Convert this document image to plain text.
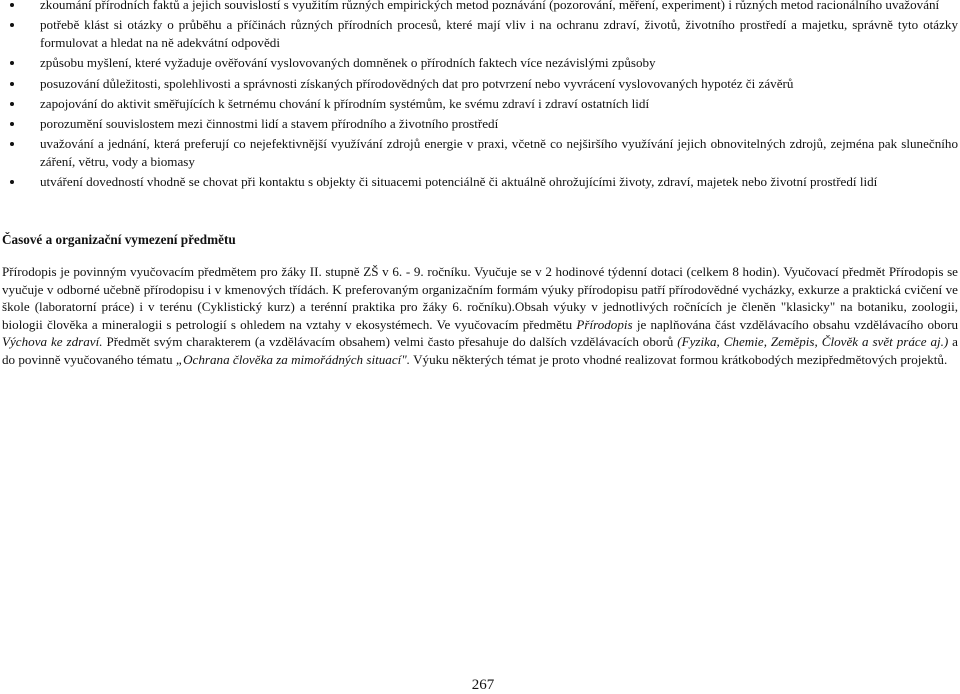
zkoumání přírodních faktů a jejich souvislostí s využitím různých empirických metod poznávání (pozorování, měření, experiment) i různých metod racionálního uvažování
potřebě klást si otázky o průběhu a příčinách různých přírodních procesů, které mají vliv i na ochranu zdraví, životů, životního prostředí a majetku, správně tyto otázky formulovat a hledat na ně adekvátní odpovědi
způsobu myšlení, které vyžaduje ověřování vyslovovaných domněnek o přírodních faktech více nezávislými způsoby
posuzování důležitosti, spolehlivosti a správnosti získaných přírodovědných dat pro potvrzení nebo vyvrácení vyslovovaných hypotéz či závěrů
zapojování do aktivit směřujících k šetrnému chování k přírodním systémům, ke svému zdraví i zdraví ostatních lidí
porozumění souvislostem mezi činnostmi lidí a stavem přírodního a životního prostředí
uvažování a jednání, která preferují co nejefektivnější využívání zdrojů energie v praxi, včetně co nejširšího využívání jejich obnovitelných zdrojů, zejména pak slunečního záření, větru, vody a biomasy
utváření dovedností vhodně se chovat při kontaktu s objekty či situacemi potenciálně či aktuálně ohrožujícími životy, zdraví, majetek nebo životní prostředí lidí
Časové a organizační vymezení předmětu

Přírodopis je povinným vyučovacím předmětem pro žáky II. stupně ZŠ v 6. - 9. ročníku. Vyučuje se v 2 hodinové týdenní dotaci (celkem 8 hodin). Vyučovací předmět Přírodopis se vyučuje v odborné učebně přírodopisu i v kmenových třídách. K preferovaným organizačním formám výuky přírodopisu patří přírodovědné vycházky, exkurze a praktická cvičení ve škole (laboratorní práce) i v terénu (Cyklistický kurz) a terénní praktika pro žáky 6. ročníku).Obsah výuky v jednotlivých ročnících je členěn "klasicky" na botaniku, zoologii, biologii člověka a mineralogii s petrologií s ohledem na vztahy v ekosystémech. Ve vyučovacím předmětu Přírodopis je naplňována část vzdělávacího obsahu vzdělávacího oboru Výchova ke zdraví. Předmět svým charakterem (a vzdělávacím obsahem) velmi často přesahuje do dalších vzdělávacích oborů (Fyzika, Chemie, Zeměpis, Člověk a svět práce aj.) a do povinně vyučovaného tématu „Ochrana člověka za mimořádných situací". Výuku některých témat je proto vhodné realizovat formou krátkobodých mezipředmětových projektů.

267
